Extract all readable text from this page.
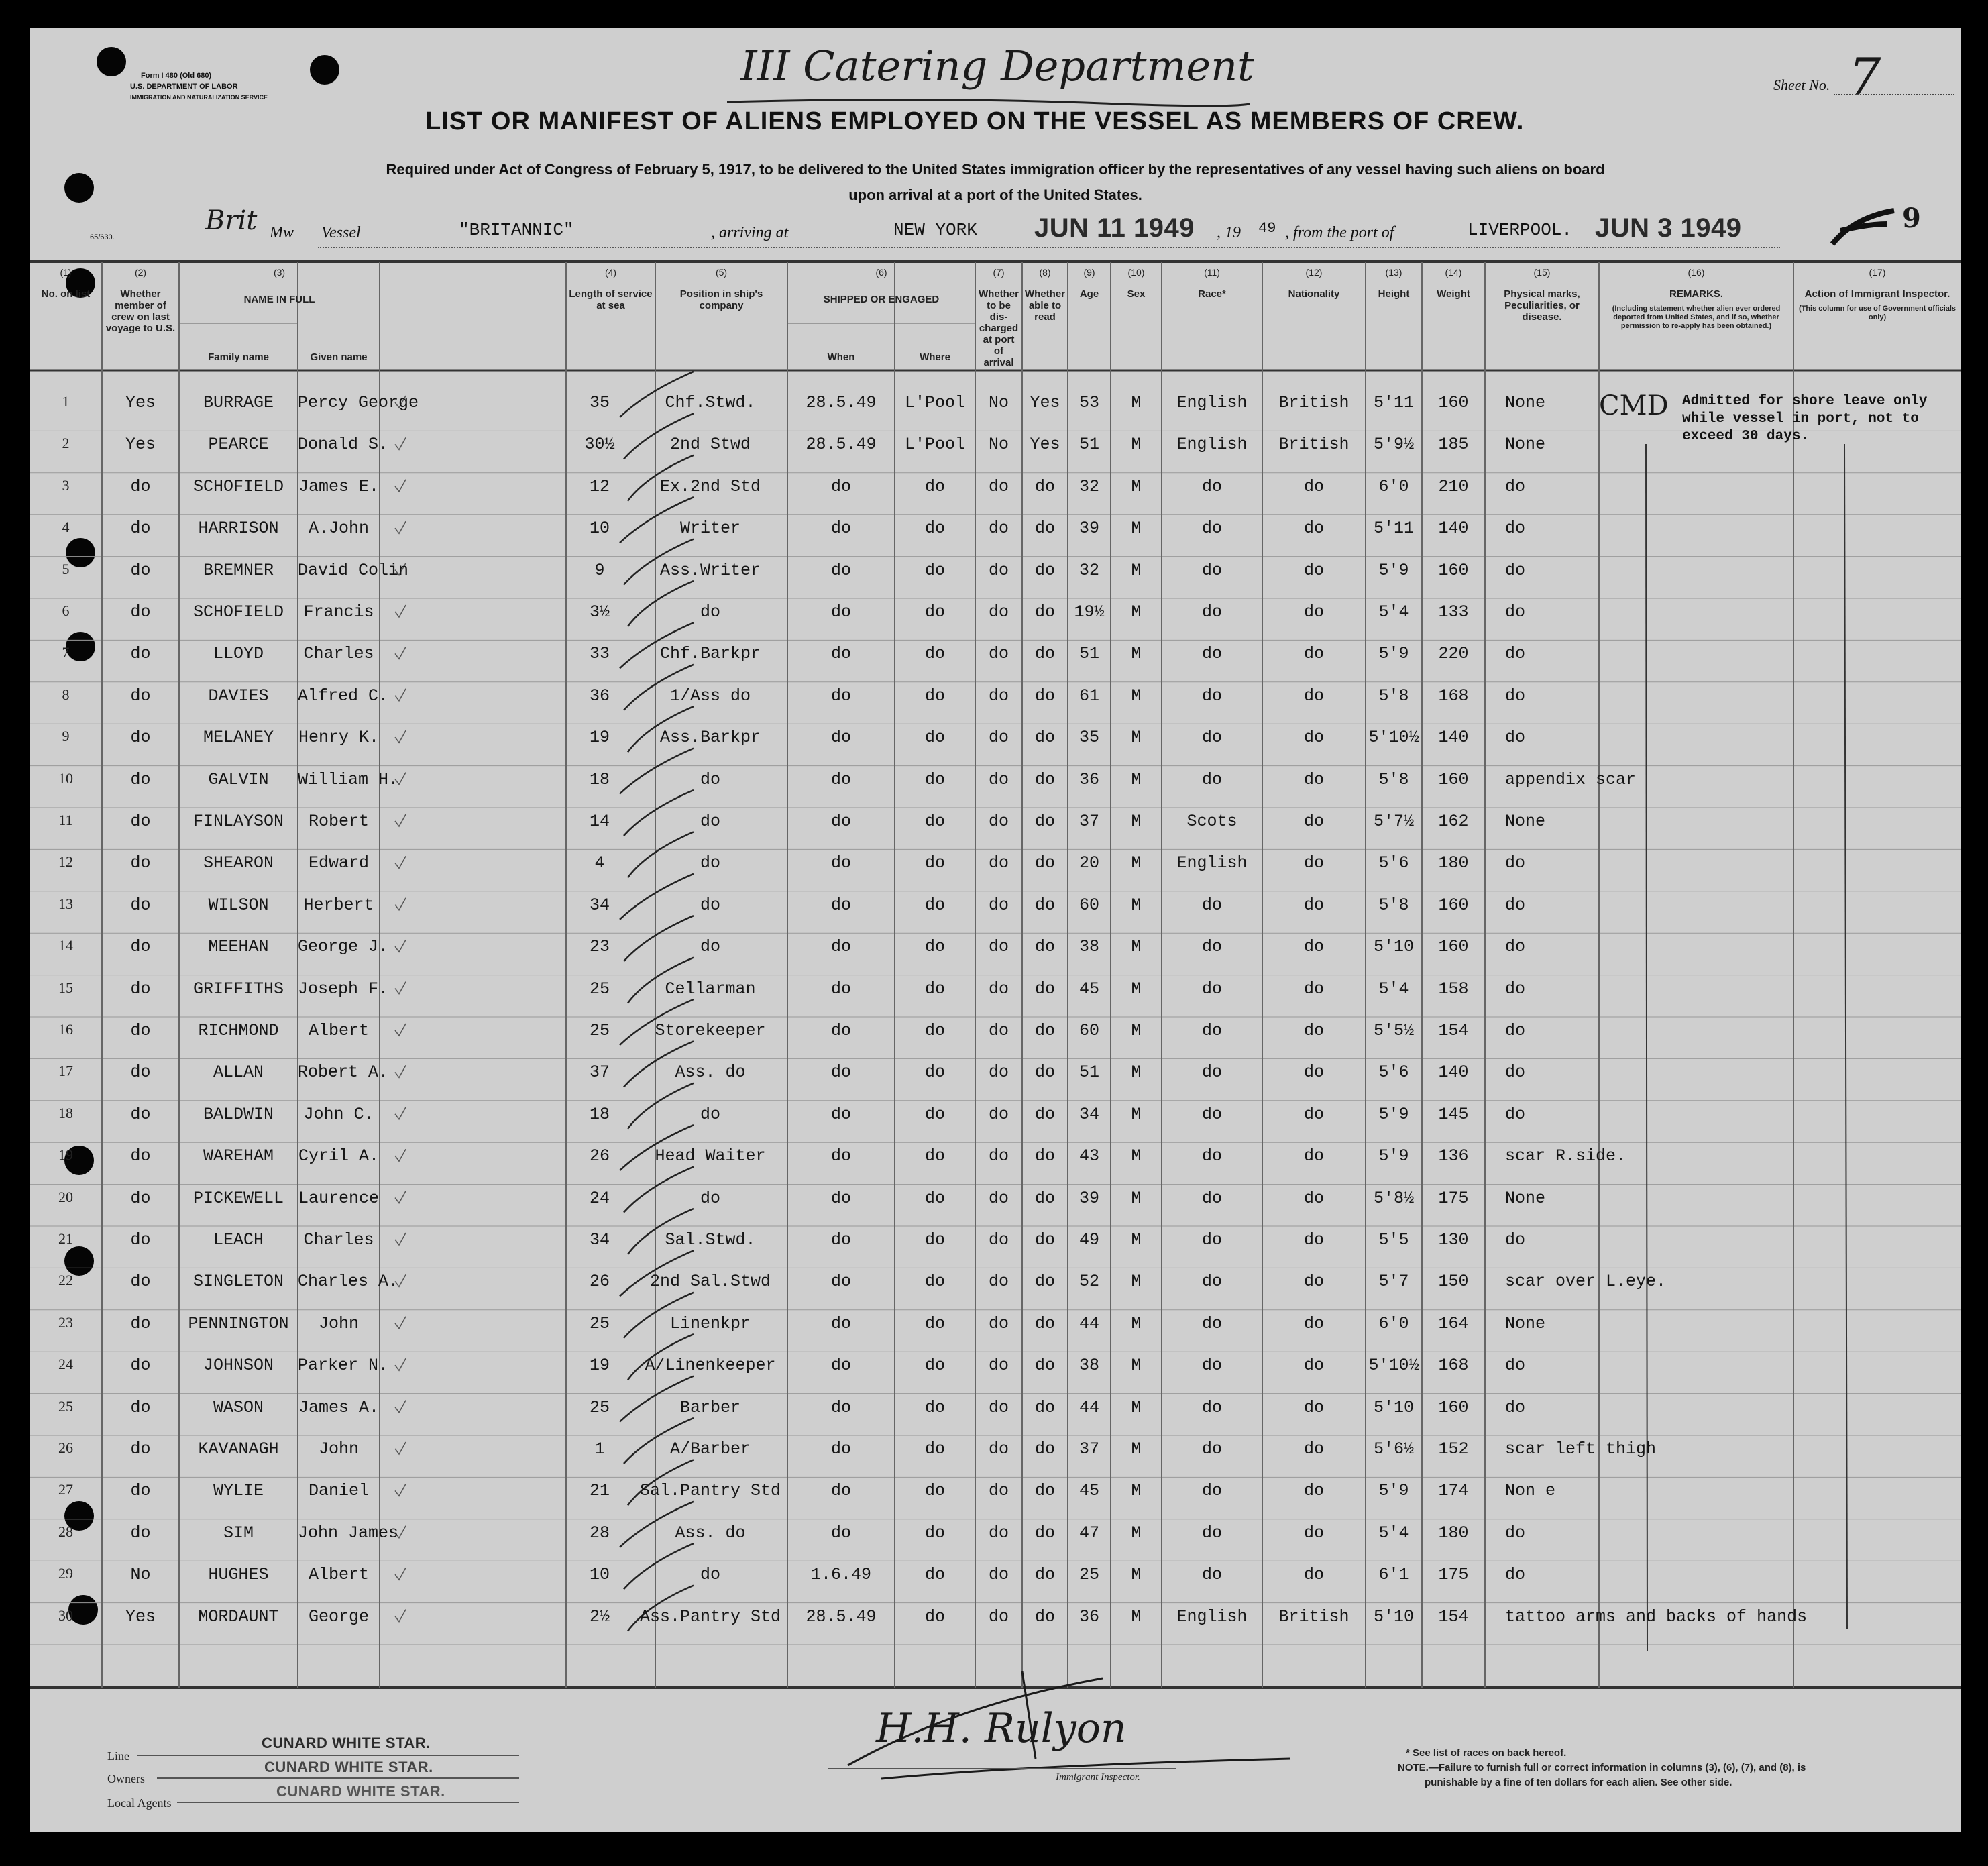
Form I 480 (Old 680)
U.S. DEPARTMENT OF LABOR
IMMIGRATION AND NATURALIZATION SERVICE
65/630.
III Catering Department	Sheet No. 7
LIST OR MANIFEST OF ALIENS EMPLOYED ON THE VESSEL AS MEMBERS OF CREW.
Required under Act of Congress of February 5, 1917, to be delivered to the United States immigration officer by the representatives of any vessel having such aliens on board
upon arrival at a port of the United States.
Brit Mw Vessel	"BRITANNIC"	, arriving at	NEW YORK JUN 11 1949 , 19 49 , from the port of	LIVERPOOL. JUN 3 1949	9
(1)
No. on list
(2)
Whether member of crew on last voyage to U.S.
(3)
NAME IN FULL
Family name	Given name
(4)
Length of service at sea
(5)
Position in ship's company
(6)
SHIPPED OR ENGAGED
When	Where
(7)
Whether to be dis-charged at port of arrival
(8)
Whether able to read
(9)
Age
(10)
Sex
(11)
Race*
(12)
Nationality
(13)
Height
(14)
Weight
(15)
Physical marks, Peculiarities, or disease.
(16)
REMARKS.
(Including statement whether alien ever ordered deported from United States, and if so, whether permission to re-apply has been obtained.)
(17)
Action of Immigrant Inspector.
(This column for use of Government officials only)
1	Yes	BURRAGE	Percy George	35	Chf.Stwd.	28.5.49	L'Pool	No	Yes	53	M	English	British	5'11	160	None
2	Yes	PEARCE	Donald S.	30½	2nd Stwd	28.5.49	L'Pool	No	Yes	51	M	English	British	5'9½	185	None
3	do	SCHOFIELD James E.	12	Ex.2nd Std	do	do	do	do	32	M	do	do	6'0	210	do
4	do	HARRISON	A.John	10	Writer	do	do	do	do	39	M	do	do	5'11	140	do
5	do	BREMNER	David Colin	9	Ass.Writer	do	do	do	do	32	M	do	do	5'9	160	do
6	do	SCHOFIELD	Francis	3½	do	do	do	do	do	19½	M	do	do	5'4	133	do
7	do	LLOYD	Charles	33	Chf.Barkpr	do	do	do	do	51	M	do	do	5'9	220	do
8	do	DAVIES	Alfred C.	36	1/Ass do	do	do	do	do	61	M	do	do	5'8	168	do
9	do	MELANEY	Henry K.	19	Ass.Barkpr	do	do	do	do	35	M	do	do	5'10½	140	do
10	do	GALVIN	William H.	18	do	do	do	do	do	36	M	do	do	5'8	160	appendix scar
11	do	FINLAYSON	Robert	14	do	do	do	do	do	37	M	Scots	do	5'7½	162	None
12	do	SHEARON	Edward	4	do	do	do	do	do	20	M	English	do	5'6	180	do
13	do	WILSON	Herbert	34	do	do	do	do	do	60	M	do	do	5'8	160	do
14	do	MEEHAN	George J.	23	do	do	do	do	do	38	M	do	do	5'10	160	do
15	do	GRIFFITHS Joseph F.	25	Cellarman	do	do	do	do	45	M	do	do	5'4	158	do
16	do	RICHMOND	Albert	25	Storekeeper	do	do	do	do	60	M	do	do	5'5½	154	do
17	do	ALLAN	Robert A.	37	Ass. do	do	do	do	do	51	M	do	do	5'6	140	do
18	do	BALDWIN	John C.	18	do	do	do	do	do	34	M	do	do	5'9	145	do
19	do	WAREHAM	Cyril A.	26	Head Waiter	do	do	do	do	43	M	do	do	5'9	136	scar R.side.
20	do	PICKEWELL Laurence	24	do	do	do	do	do	39	M	do	do	5'8½	175	None
21	do	LEACH	Charles	34	Sal.Stwd.	do	do	do	do	49	M	do	do	5'5	130	do
22	do	SINGLETON Charles A.	26	2nd Sal.Stwd	do	do	do	do	52	M	do	do	5'7	150	scar over L.eye.
23	do	PENNINGTON	John	25	Linenkpr	do	do	do	do	44	M	do	do	6'0	164	None
24	do	JOHNSON	Parker N.	19	A/Linenkeeper	do	do	do	do	38	M	do	do	5'10½	168	do
25	do	WASON	James A.	25	Barber	do	do	do	do	44	M	do	do	5'10	160	do
26	do	KAVANAGH	John	1	A/Barber	do	do	do	do	37	M	do	do	5'6½	152	scar left thigh
27	do	WYLIE	Daniel	21	Sal.Pantry Std	do	do	do	do	45	M	do	do	5'9	174	Non e
28	do	SIM	John James	28	Ass. do	do	do	do	do	47	M	do	do	5'4	180	do
29	No	HUGHES	Albert	10	do	1.6.49	do	do	do	25	M	do	do	6'1	175	do
30	Yes	MORDAUNT	George	2½	Ass.Pantry Std	28.5.49	do	do	do	36	M	English	British	5'10	154	tattoo arms and backs of hands
CMD Admitted for shore leave only
while vessel in port, not to
exceed 30 days.
Line
Owners
Local Agents
CUNARD WHITE STAR.
CUNARD WHITE STAR.
CUNARD WHITE STAR.
H.H. Rulyon
Immigrant Inspector.
* See list of races on back hereof.
NOTE.—Failure to furnish full or correct information in columns (3), (6), (7), and (8), is
punishable by a fine of ten dollars for each alien. See other side.
